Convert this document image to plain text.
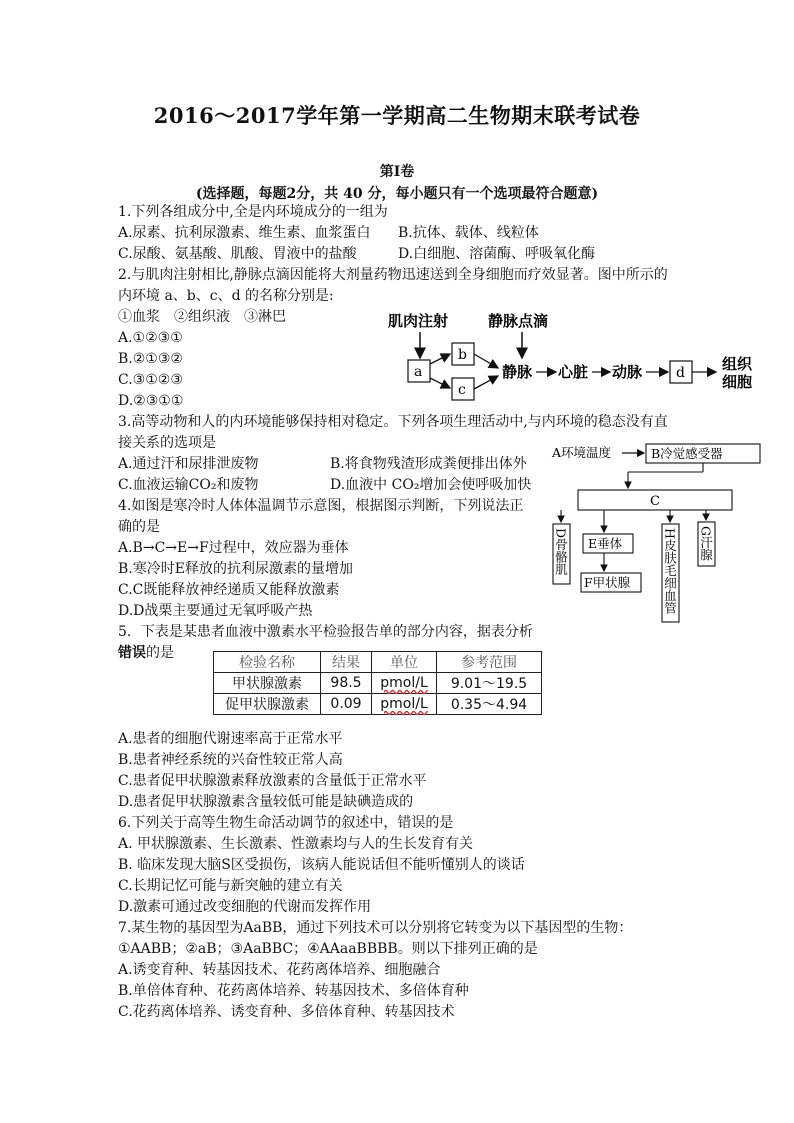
2016～2017学年第一学期高二生物期末联考试卷
第Ⅰ卷
(选择题，每题2分，共 40 分，每小题只有一个选项最符合题意)
1.下列各组成分中,全是内环境成分的一组为
A.尿素、抗利尿激素、维生素、血浆蛋白 B.抗体、载体、线粒体
C.尿酸、氨基酸、肌酸、胃液中的盐酸	D.白细胞、溶菌酶、呼吸氧化酶
2.与肌肉注射相比,静脉点滴因能将大剂量药物迅速送到全身细胞而疗效显著。图中所示的
内环境 a、b、c、d 的名称分别是:
①血浆　②组织液　③淋巴
A.①②③①
B.②①③②
C.③①②③
D.②③①①
肌肉注射	静脉点滴
a
b
c
静脉 心脏 动脉 d 组织
细胞
3.高等动物和人的内环境能够保持相对稳定。下列各项生理活动中,与内环境的稳态没有直
接关系的选项是
A.通过汗和尿排泄废物	B.将食物残渣形成粪便排出体外
C.血液运输CO₂和废物	D.血液中 CO₂增加会使呼吸加快
4.如图是寒冷时人体体温调节示意图，根据图示判断，下列说法正
确的是
A.B→C→E→F过程中，效应器为垂体
B.寒冷时E释放的抗利尿激素的量增加
C.C既能释放神经递质又能释放激素
D.D战栗主要通过无氧呼吸产热
A环境温度	B冷觉感受器
C
D骨骼肌 E垂体
F甲状腺	H皮肤毛细血管 G汗腺
5．下表是某患者血液中激素水平检验报告单的部分内容，据表分析
错误的是
检验名称	结果	单位	参考范围
甲状腺激素	98.5	pmol/L	9.01～19.5
促甲状腺激素	0.09	pmol/L	0.35～4.94
A.患者的细胞代谢速率高于正常水平
B.患者神经系统的兴奋性较正常人高
C.患者促甲状腺激素释放激素的含量低于正常水平
D.患者促甲状腺激素含量较低可能是缺碘造成的
6.下列关于高等生物生命活动调节的叙述中，错误的是
A. 甲状腺激素、生长激素、性激素均与人的生长发育有关
B. 临床发现大脑S区受损伤，该病人能说话但不能听懂别人的谈话
C.长期记忆可能与新突触的建立有关
D.激素可通过改变细胞的代谢而发挥作用
7.某生物的基因型为AaBB，通过下列技术可以分别将它转变为以下基因型的生物：
①AABB；②aB；③AaBBC；④AAaaBBBB。则以下排列正确的是
A.诱变育种、转基因技术、花药离体培养、细胞融合
B.单倍体育种、花药离体培养、转基因技术、多倍体育种
C.花药离体培养、诱变育种、多倍体育种、转基因技术
